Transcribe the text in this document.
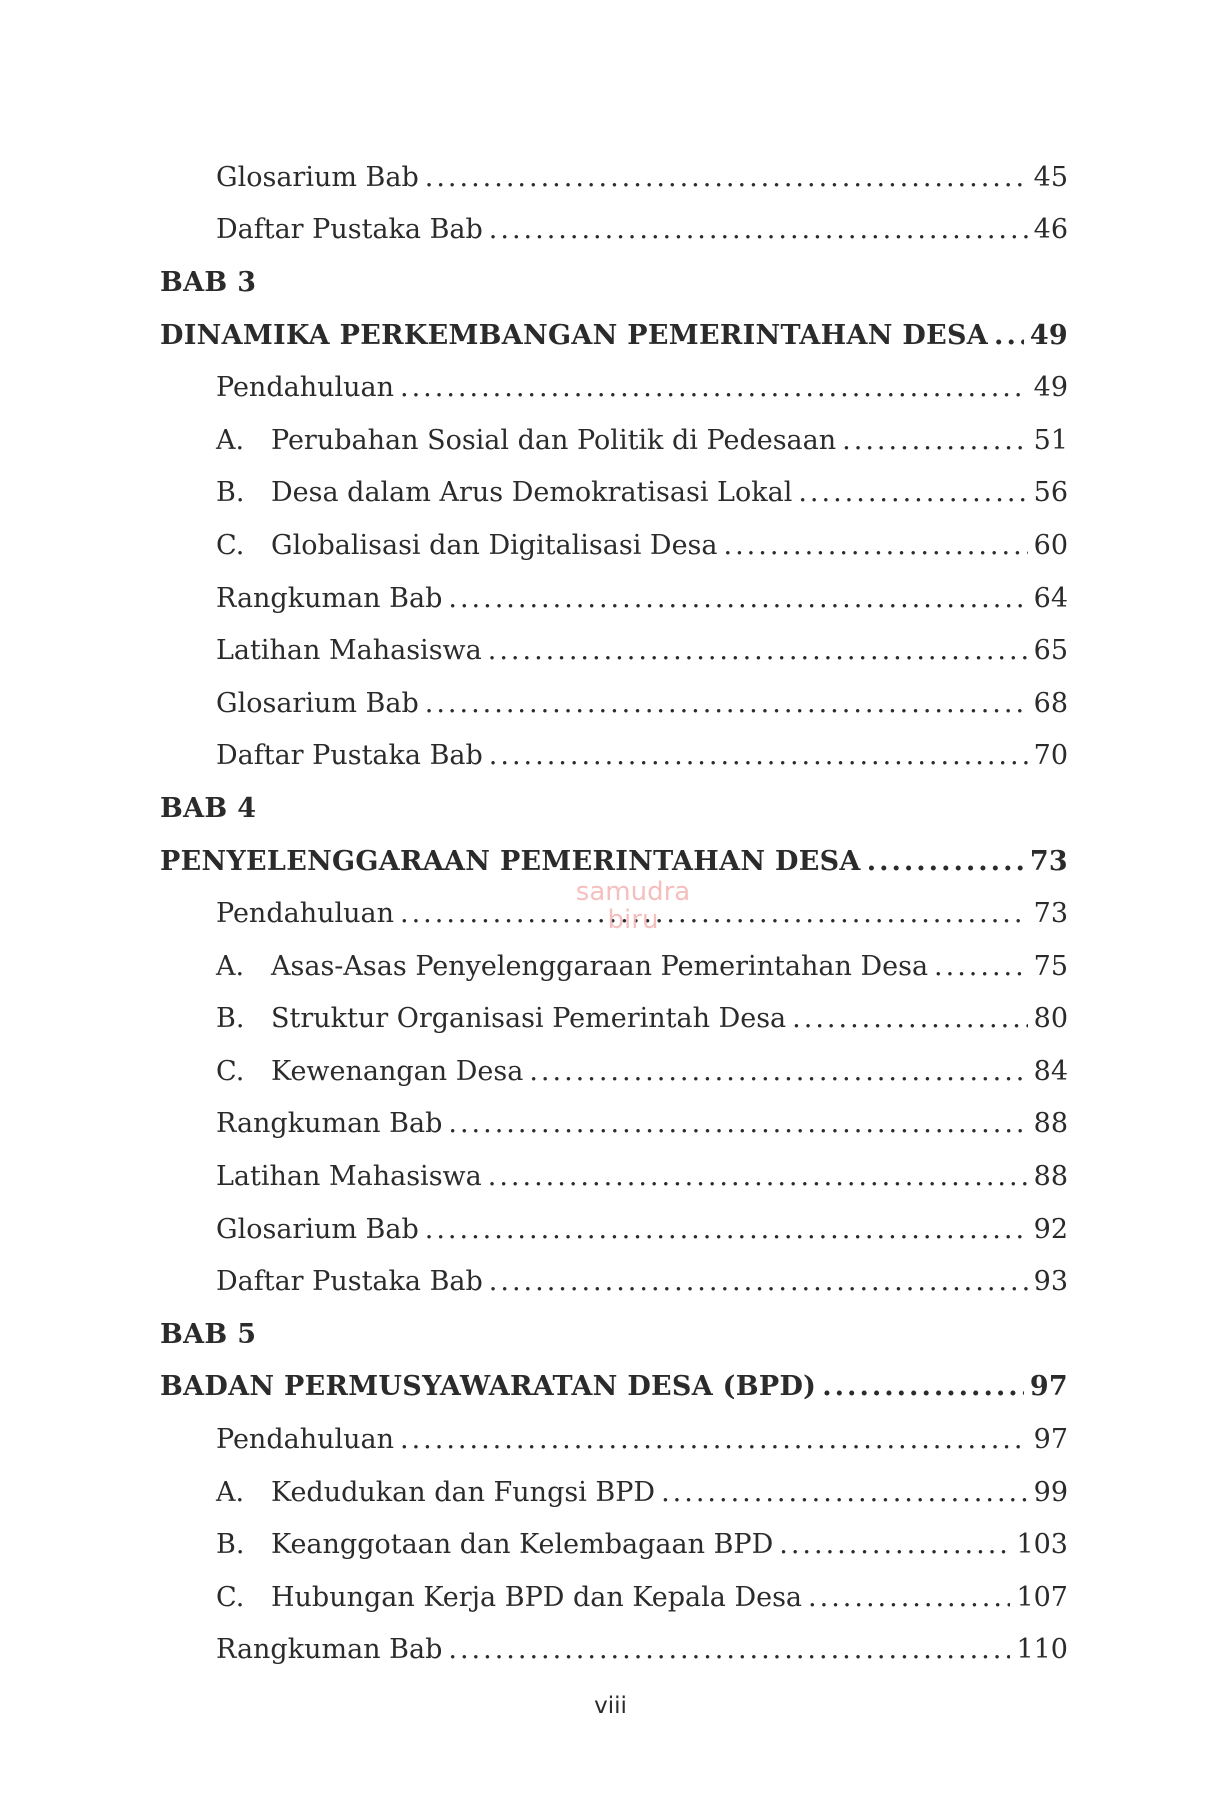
Glosarium Bab .....	45
Daftar Pustaka Bab .....	46
BAB 3
DINAMIKA PERKEMBANGAN PEMERINTAHAN DESA ..... 49
Pendahuluan .....	49
A. Perubahan Sosial dan Politik di Pedesaan .....	51
B. Desa dalam Arus Demokratisasi Lokal .....	56
C. Globalisasi dan Digitalisasi Desa .....	60
Rangkuman Bab .....	64
Latihan Mahasiswa .....	65
Glosarium Bab .....	68
Daftar Pustaka Bab .....	70
BAB 4
PENYELENGGARAAN PEMERINTAHAN DESA .....	73
Pendahuluan .....	73
A. Asas-Asas Penyelenggaraan Pemerintahan Desa .....	75
B. Struktur Organisasi Pemerintah Desa .....	80
C. Kewenangan Desa .....	84
Rangkuman Bab .....	88
Latihan Mahasiswa .....	88
Glosarium Bab .....	92
Daftar Pustaka Bab .....	93
BAB 5
BADAN PERMUSYAWARATAN DESA (BPD) .....	97
Pendahuluan .....	97
A. Kedudukan dan Fungsi BPD .....	99
B. Keanggotaan dan Kelembagaan BPD .....	103
C. Hubungan Kerja BPD dan Kepala Desa .....	107
Rangkuman Bab .....	110
samudra
biru
viii
